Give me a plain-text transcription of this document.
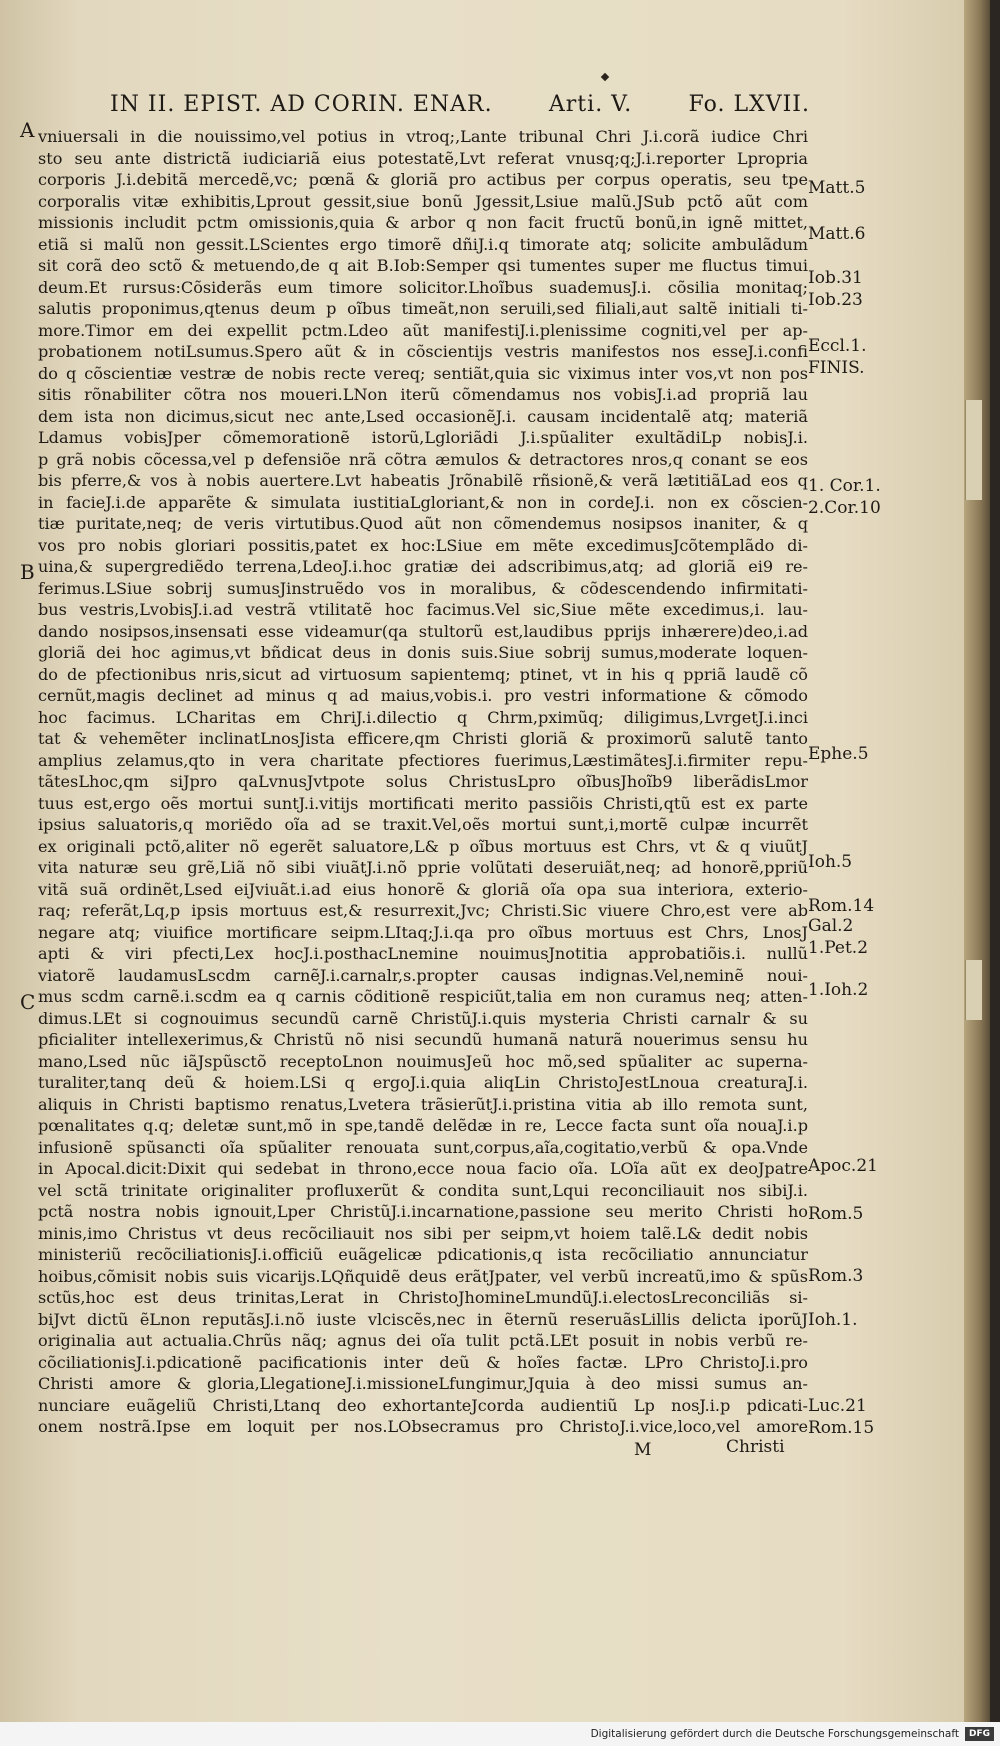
IN II. EPIST. AD CORIN. ENAR.	Arti. V.	Fo. LXVII.
A
B
C
vniuersali in die nouissimo,vel potius in vtroq;,Lante tribunal Chri J.i.corã iudice Chri
sto seu ante districtã iudiciariã eius potestatẽ,Lvt referat vnusq;q;J.i.reporter Lpropria
corporis J.i.debitã mercedẽ,vc; pœnã & gloriã pro actibus per corpus operatis, seu tpe
corporalis vitæ exhibitis,Lprout gessit,siue bonũ Jgessit,Lsiue malũ.JSub pctõ aũt com
missionis includit pctm omissionis,quia & arbor q non facit fructũ bonũ,in ignẽ mittet,
etiã si malũ non gessit.LScientes ergo timorẽ dñiJ.i.q timorate atq; solicite ambulãdum
sit corã deo sctõ & metuendo,de q ait B.Iob:Semper qsi tumentes super me fluctus timui
deum.Et rursus:Cõsiderãs eum timore solicitor.Lhoĩbus suademusJ.i. cõsilia monitaq;
salutis proponimus,qtenus deum p oĩbus timeãt,non seruili,sed filiali,aut saltẽ initiali ti-
more.Timor em dei expellit pctm.Ldeo aũt manifestiJ.i.plenissime cogniti,vel per ap-
probationem notiLsumus.Spero aũt & in cõscientijs vestris manifestos nos esseJ.i.confi
do q cõscientiæ vestræ de nobis recte vereq; sentiãt,quia sic viximus inter vos,vt non pos
sitis rõnabiliter cõtra nos moueri.LNon iterũ cõmendamus nos vobisJ.i.ad propriã lau
dem ista non dicimus,sicut nec ante,Lsed occasionẽJ.i. causam incidentalẽ atq; materiã
Ldamus vobisJper cõmemorationẽ istorũ,Lgloriãdi J.i.spũaliter exultãdiLp nobisJ.i.
p grã nobis cõcessa,vel p defensiõe nrã cõtra æmulos & detractores nros,q conant se eos
bis pferre,& vos à nobis auertere.Lvt habeatis Jrõnabilẽ rñsionẽ,& verã lætitiãLad eos q
in facieJ.i.de apparẽte & simulata iustitiaLgloriant,& non in cordeJ.i. non ex cõscien-
tiæ puritate,neq; de veris virtutibus.Quod aũt non cõmendemus nosipsos inaniter, & q
vos pro nobis gloriari possitis,patet ex hoc:LSiue em mẽte excedimusJcõtemplãdo di-
uina,& supergrediẽdo terrena,LdeoJ.i.hoc gratiæ dei adscribimus,atq; ad gloriã ei9 re-
ferimus.LSiue sobrij sumusJinstruẽdo vos in moralibus, & cõdescendendo infirmitati-
bus vestris,LvobisJ.i.ad vestrã vtilitatẽ hoc facimus.Vel sic,Siue mẽte excedimus,i. lau-
dando nosipsos,insensati esse videamur(qa stultorũ est,laudibus pprijs inhærere)deo,i.ad
gloriã dei hoc agimus,vt bñdicat deus in donis suis.Siue sobrij sumus,moderate loquen-
do de pfectionibus nris,sicut ad virtuosum sapientemq; ptinet, vt in his q ppriã laudẽ cõ
cernũt,magis declinet ad minus q ad maius,vobis.i. pro vestri informatione & cõmodo
hoc facimus. LCharitas em ChriJ.i.dilectio q Chrm,pximũq; diligimus,LvrgetJ.i.inci
tat & vehemẽter inclinatLnosJista efficere,qm Christi gloriã & proximorũ salutẽ tanto
amplius zelamus,qto in vera charitate pfectiores fuerimus,LæstimãtesJ.i.firmiter repu-
tãtesLhoc,qm siJpro qaLvnusJvtpote solus ChristusLpro oĩbusJhoĩb9 liberãdisLmor
tuus est,ergo oẽs mortui suntJ.i.vitijs mortificati merito passiõis Christi,qtũ est ex parte
ipsius saluatoris,q moriẽdo oĩa ad se traxit.Vel,oẽs mortui sunt,i,mortẽ culpæ incurrẽt
ex originali pctõ,aliter nõ egerẽt saluatore,L& p oĩbus mortuus est Chrs, vt & q viuũtJ
vita naturæ seu grẽ,Liã nõ sibi viuãtJ.i.nõ pprie volũtati deseruiãt,neq; ad honorẽ,ppriũ
vitã suã ordinẽt,Lsed eiJviuãt.i.ad eius honorẽ & gloriã oĩa opa sua interiora, exterio-
raq; referãt,Lq,p ipsis mortuus est,& resurrexit,Jvc; Christi.Sic viuere Chro,est vere ab
negare atq; viuifice mortificare seipm.LItaq;J.i.qa pro oĩbus mortuus est Chrs, LnosJ
apti & viri pfecti,Lex hocJ.i.posthacLnemine nouimusJnotitia approbatiõis.i. nullũ
viatorẽ laudamusLscdm carnẽJ.i.carnalr,s.propter causas indignas.Vel,neminẽ noui-
mus scdm carnẽ.i.scdm ea q carnis cõditionẽ respiciũt,talia em non curamus neq; atten-
dimus.LEt si cognouimus secundũ carnẽ ChristũJ.i.quis mysteria Christi carnalr & su
pficialiter intellexerimus,& Christũ nõ nisi secundũ humanã naturã nouerimus sensu hu
mano,Lsed nũc iãJspũsctõ receptoLnon nouimusJeũ hoc mõ,sed spũaliter ac superna-
turaliter,tanq deũ & hoiem.LSi q ergoJ.i.quia aliqLin ChristoJestLnoua creaturaJ.i.
aliquis in Christi baptismo renatus,Lvetera trãsierũtJ.i.pristina vitia ab illo remota sunt,
pœnalitates q.q; deletæ sunt,mõ in spe,tandẽ delẽdæ in re, Lecce facta sunt oĩa nouaJ.i.p
infusionẽ spũsancti oĩa spũaliter renouata sunt,corpus,aĩa,cogitatio,verbũ & opa.Vnde
in Apocal.dicit:Dixit qui sedebat in throno,ecce noua facio oĩa. LOĩa aũt ex deoJpatre
vel sctã trinitate originaliter profluxerũt & condita sunt,Lqui reconciliauit nos sibiJ.i.
pctã nostra nobis ignouit,Lper ChristũJ.i.incarnatione,passione seu merito Christi ho
minis,imo Christus vt deus recõciliauit nos sibi per seipm,vt hoiem talẽ.L& dedit nobis
ministeriũ recõciliationisJ.i.officiũ euãgelicæ pdicationis,q ista recõciliatio annunciatur
hoibus,cõmisit nobis suis vicarijs.LQñquidẽ deus erãtJpater, vel verbũ increatũ,imo & spũs
sctũs,hoc est deus trinitas,Lerat in ChristoJhomineLmundũJ.i.electosLreconciliãs si-
biJvt dictũ ẽLnon reputãsJ.i.nõ iuste vlciscẽs,nec in ẽternũ reseruãsLillis delicta iporũJ
originalia aut actualia.Chrũs nãq; agnus dei oĩa tulit pctã.LEt posuit in nobis verbũ re-
cõciliationisJ.i.pdicationẽ pacificationis inter deũ & hoĩes factæ. LPro ChristoJ.i.pro
Christi amore & gloria,LlegationeJ.i.missioneLfungimur,Jquia à deo missi sumus an-
nunciare euãgeliũ Christi,Ltanq deo exhortanteJcorda audientiũ Lp nosJ.i.p pdicati-
onem nostrã.Ipse em loquit per nos.LObsecramus pro ChristoJ.i.vice,loco,vel amore
Matt.5
Matt.6
Iob.31
Iob.23
Eccl.1.
FINIS.
1. Cor.1.
2.Cor.10
Ephe.5
Ioh.5
Rom.14
Gal.2
1.Pet.2
1.Ioh.2
Apoc.21
Rom.5
Rom.3
Ioh.1.
Luc.21
Rom.15
M	Christi
Digitalisierung gefördert durch die Deutsche Forschungsgemeinschaft	DFG
